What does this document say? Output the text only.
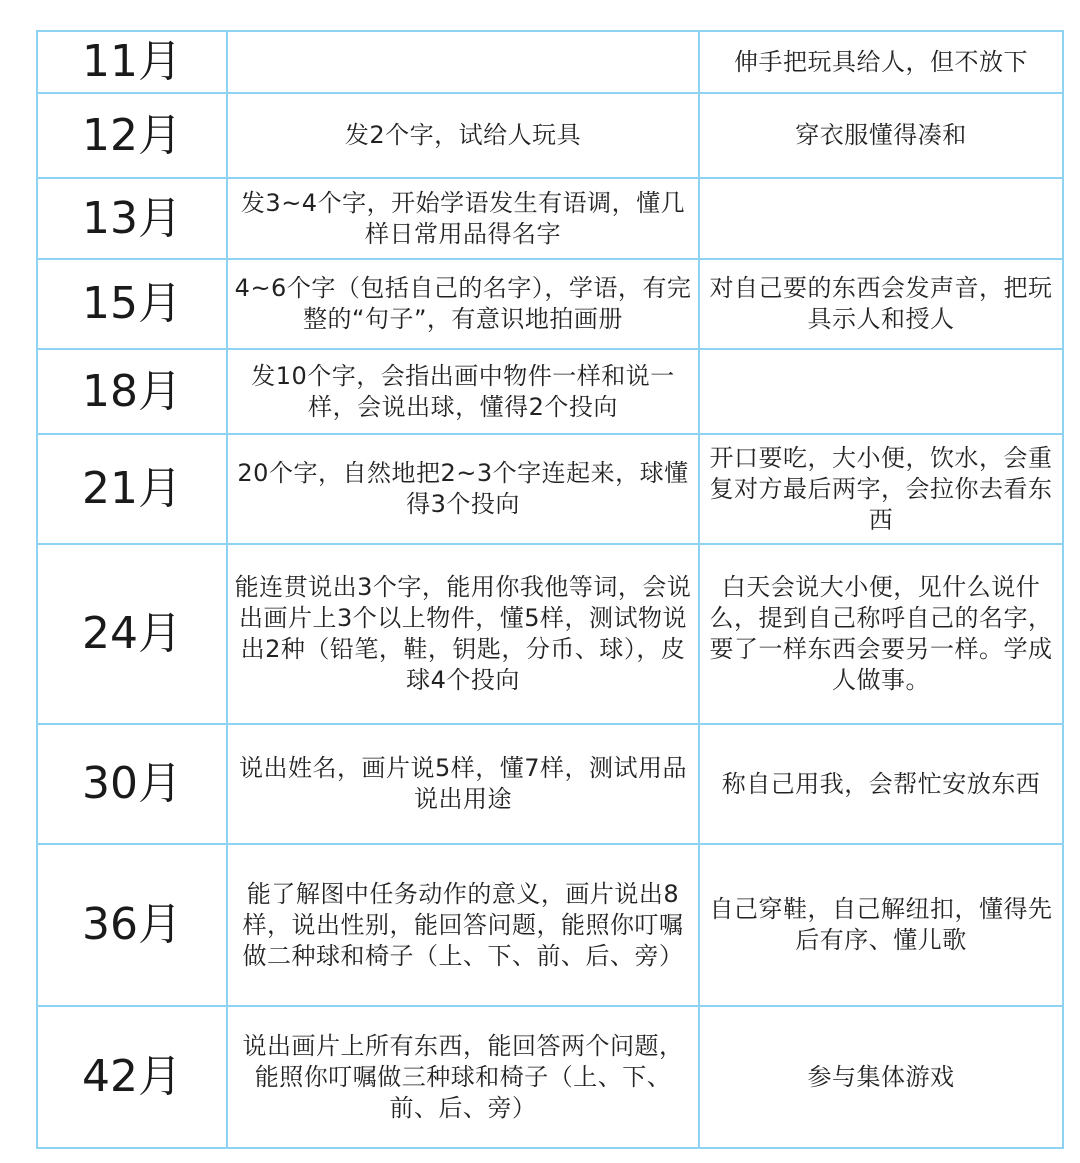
11月		伸手把玩具给人，但不放下
12月	发2个字，试给人玩具	穿衣服懂得凑和
13月	发3~4个字，开始学语发生有语调，懂几样日常用品得名字	
15月	4~6个字（包括自己的名字），学语，有完整的“句子”，有意识地拍画册	对自己要的东西会发声音，把玩具示人和授人
18月	发10个字，会指出画中物件一样和说一样，会说出球，懂得2个投向	
21月	20个字，自然地把2~3个字连起来，球懂得3个投向	开口要吃，大小便，饮水，会重复对方最后两字，会拉你去看东西
24月	能连贯说出3个字，能用你我他等词，会说出画片上3个以上物件，懂5样，测试物说出2种（铅笔，鞋，钥匙，分币、球），皮球4个投向	白天会说大小便，见什么说什么，提到自己称呼自己的名字，要了一样东西会要另一样。学成人做事。
30月	说出姓名，画片说5样，懂7样，测试用品说出用途	称自己用我，会帮忙安放东西
36月	能了解图中任务动作的意义，画片说出8样，说出性别，能回答问题，能照你叮嘱做二种球和椅子（上、下、前、后、旁）	自己穿鞋，自己解纽扣，懂得先后有序、懂儿歌
42月	说出画片上所有东西，能回答两个问题，能照你叮嘱做三种球和椅子（上、下、前、后、旁）	参与集体游戏
